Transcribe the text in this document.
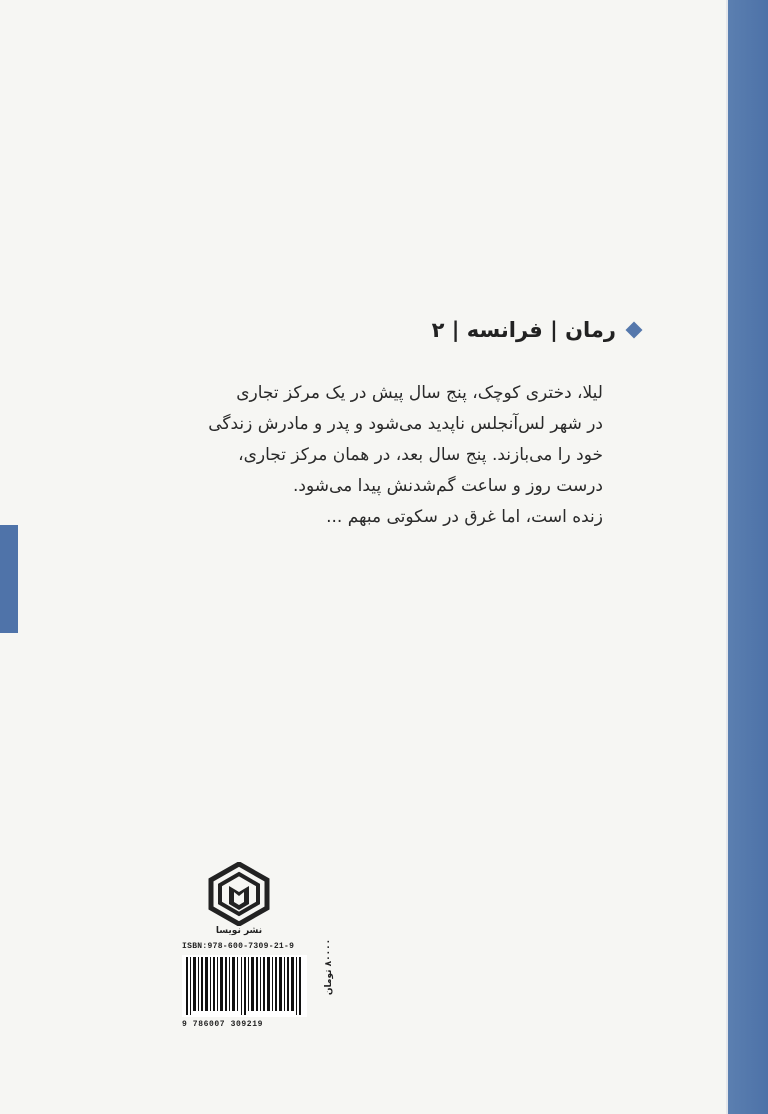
رمان | فرانسه | ۲

لیلا، دختری کوچک، پنج سال پیش در یک مرکز تجاری

در شهر لس‌آنجلس ناپدید می‌شود و پدر و مادرش زندگی

خود را می‌بازند. پنج سال بعد، در همان مرکز تجاری،

درست روز و ساعت گم‌شدنش پیدا می‌شود.

زنده است، اما غرق در سکوتی مبهم ...

نشر نویسا
ISBN:978-600-7309-21-9
9 786007 309219
۸۰۰۰۰ تومان
